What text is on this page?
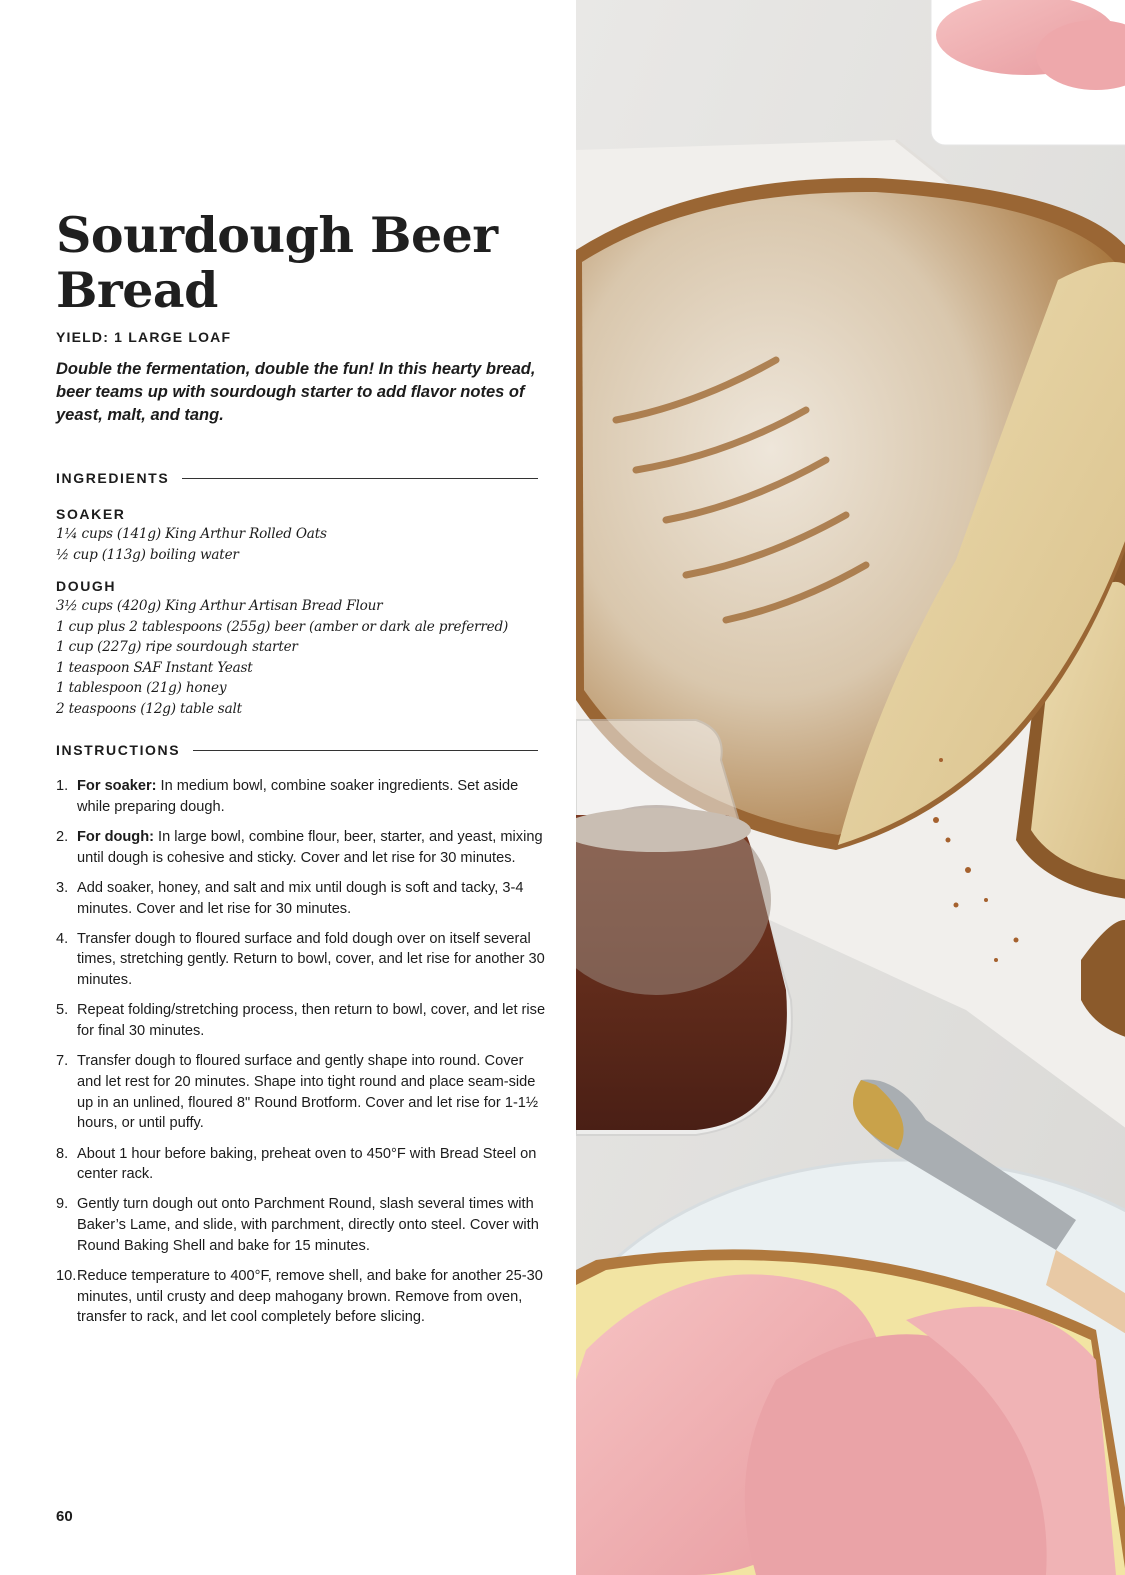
Sourdough Beer
Bread
YIELD: 1 LARGE LOAF

Double the fermentation, double the fun! In this hearty bread, beer teams up with sourdough starter to add flavor notes of yeast, malt, and tang.

INGREDIENTS
SOAKER
1¼ cups (141g) King Arthur Rolled Oats
½ cup (113g) boiling water
DOUGH
3½ cups (420g) King Arthur Artisan Bread Flour
1 cup plus 2 tablespoons (255g) beer (amber or dark ale preferred)
1 cup (227g) ripe sourdough starter
1 teaspoon SAF Instant Yeast
1 tablespoon (21g) honey
2 teaspoons (12g) table salt
INSTRUCTIONS
1. For soaker: In medium bowl, combine soaker ingredients. Set aside while preparing dough.
2. For dough: In large bowl, combine flour, beer, starter, and yeast, mixing until dough is cohesive and sticky. Cover and let rise for 30 minutes.
3. Add soaker, honey, and salt and mix until dough is soft and tacky, 3-4 minutes. Cover and let rise for 30 minutes.
4. Transfer dough to floured surface and fold dough over on itself several times, stretching gently. Return to bowl, cover, and let rise for another 30 minutes.
5. Repeat folding/stretching process, then return to bowl, cover, and let rise for final 30 minutes.
7. Transfer dough to floured surface and gently shape into round. Cover and let rest for 20 minutes. Shape into tight round and place seam-side up in an unlined, floured 8" Round Brotform. Cover and let rise for 1-1½ hours, or until puffy.
8. About 1 hour before baking, preheat oven to 450°F with Bread Steel on center rack.
9. Gently turn dough out onto Parchment Round, slash several times with Baker’s Lame, and slide, with parchment, directly onto steel. Cover with Round Baking Shell and bake for 15 minutes.
10. Reduce temperature to 400°F, remove shell, and bake for another 25-30 minutes, until crusty and deep mahogany brown. Remove from oven, transfer to rack, and let cool completely before slicing.
60
